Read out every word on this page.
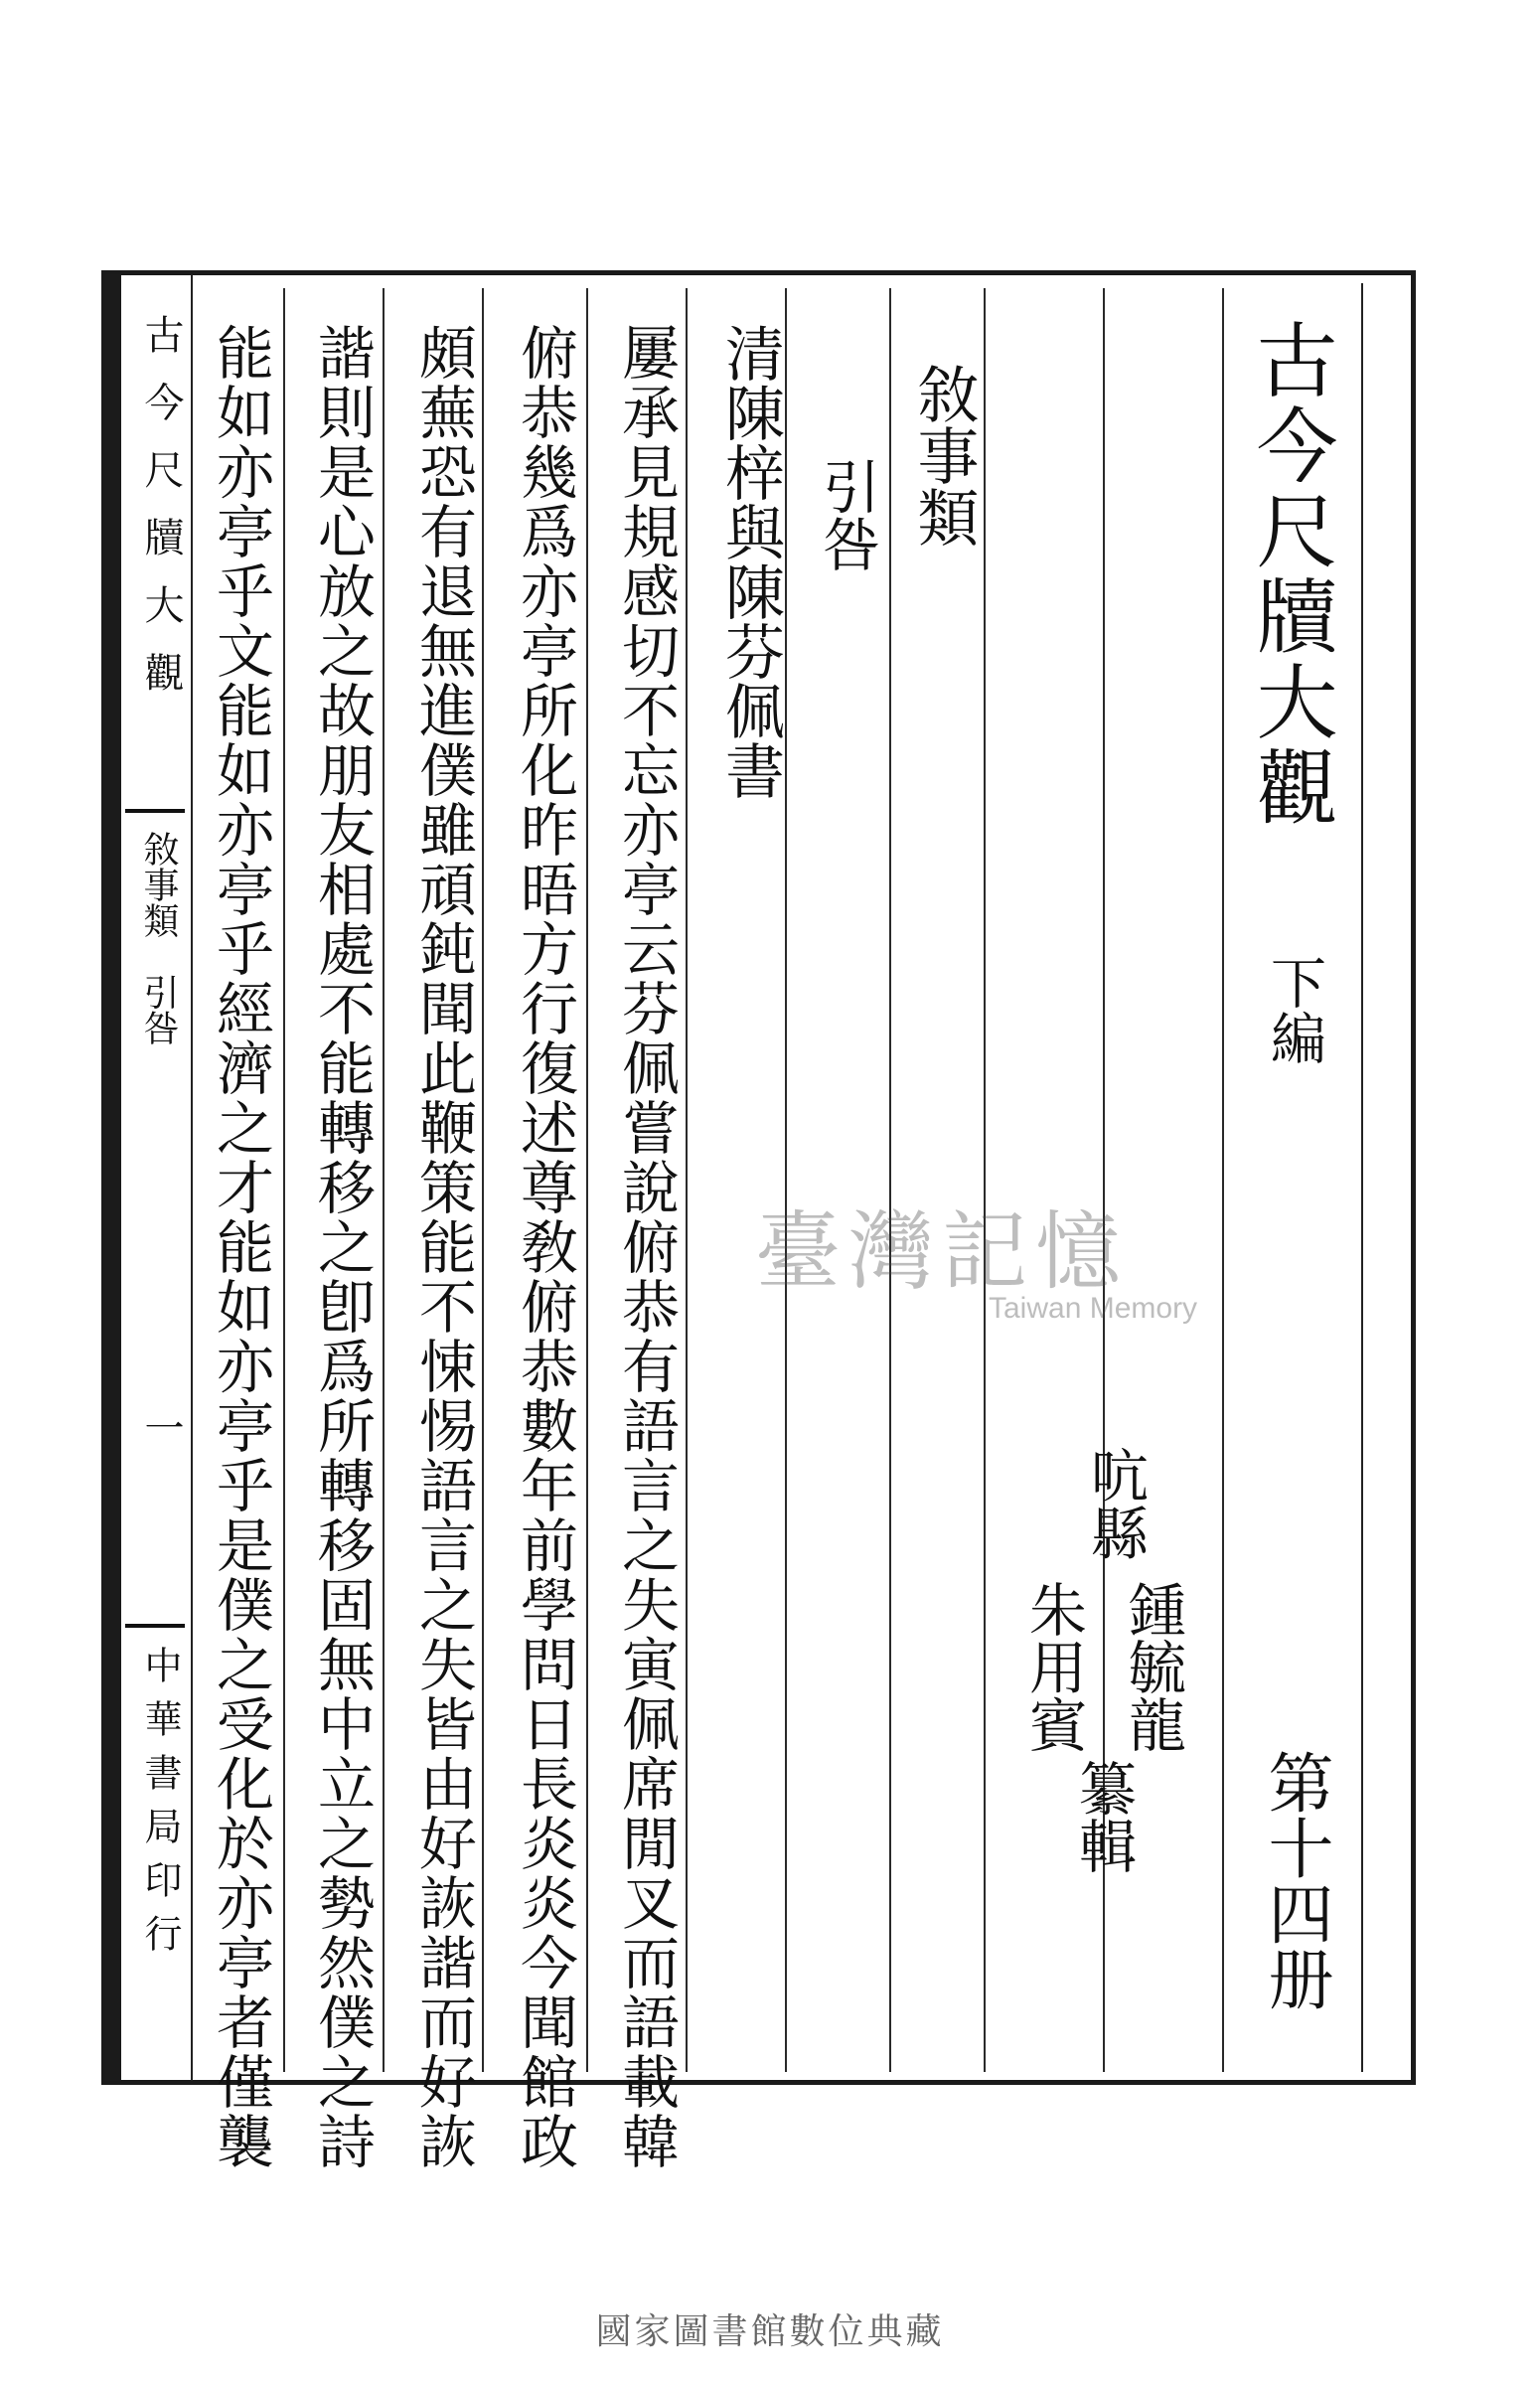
古今尺牘大觀
下編
第十四册
吭縣
鍾毓龍
朱用賓
纂輯
敘事類
引咎
清陳梓與陳芬佩書
屢承見規感切不忘亦亭云芬佩嘗說俯恭有語言之失寅佩席閒叉而語載韓
俯恭幾爲亦亭所化昨晤方行復述尊敎俯恭數年前學問日長炎炎今聞館政
頗蕪恐有退無進僕雖頑鈍聞此鞭策能不悚惕語言之失皆由好詼諧而好詼
諧則是心放之故朋友相處不能轉移之卽爲所轉移固無中立之勢然僕之詩
能如亦亭乎文能如亦亭乎經濟之才能如亦亭乎是僕之受化於亦亭者僅襲
古今尺牘大觀
敘事類　引咎
一
中華書局印行
臺灣記憶
Taiwan Memory
國家圖書館數位典藏
